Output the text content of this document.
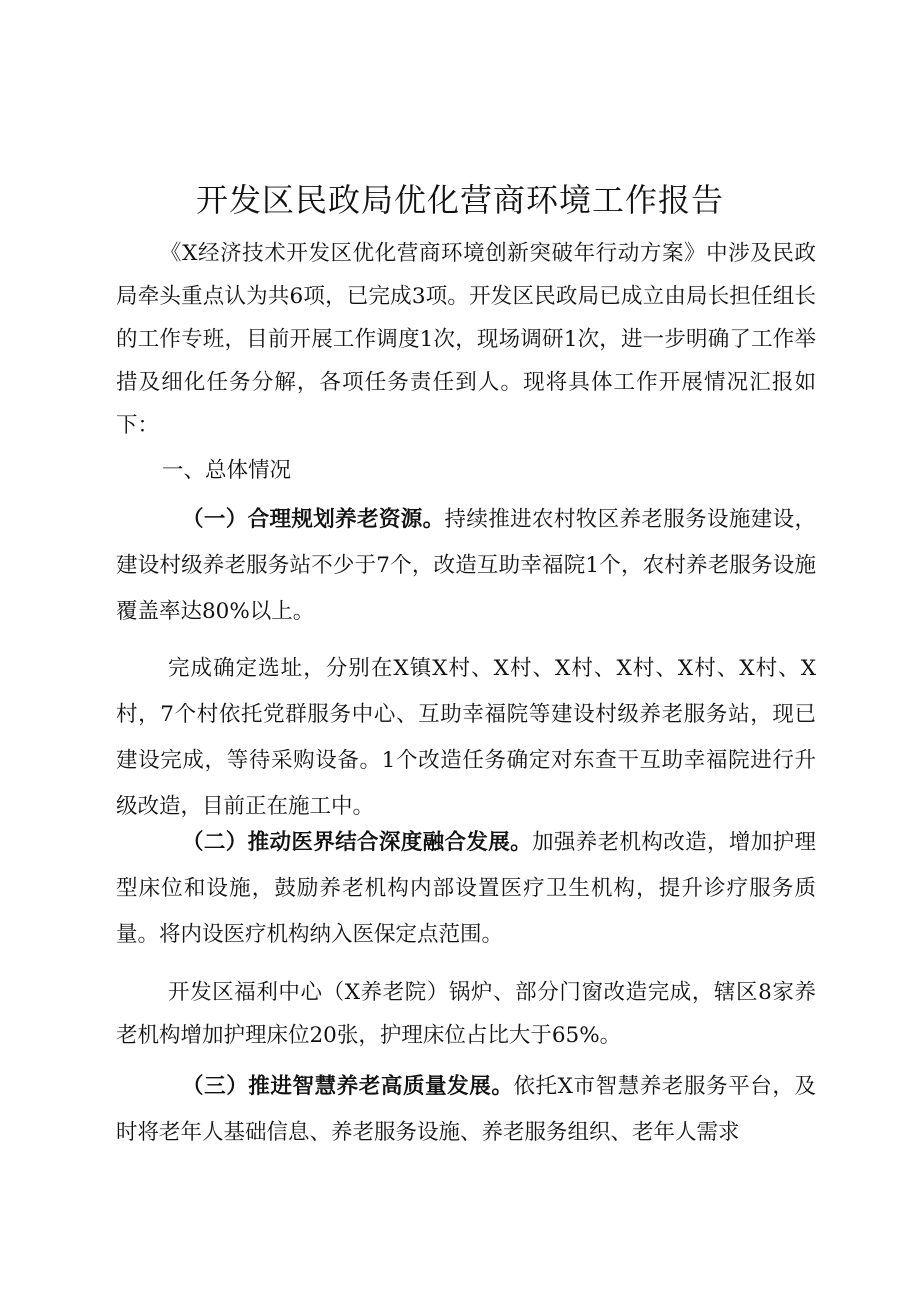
开发区民政局优化营商环境工作报告

《X经济技术开发区优化营商环境创新突破年行动方案》中涉及民政局牵头重点认为共6项，已完成3项。开发区民政局已成立由局长担任组长的工作专班，目前开展工作调度1次，现场调研1次，进一步明确了工作举措及细化任务分解，各项任务责任到人。现将具体工作开展情况汇报如下：

一、总体情况

（一）合理规划养老资源。持续推进农村牧区养老服务设施建设，建设村级养老服务站不少于7个，改造互助幸福院1个，农村养老服务设施覆盖率达80%以上。

完成确定选址，分别在X镇X村、X村、X村、X村、X村、X村、X村，7个村依托党群服务中心、互助幸福院等建设村级养老服务站，现已建设完成，等待采购设备。1个改造任务确定对东查干互助幸福院进行升级改造，目前正在施工中。

（二）推动医界结合深度融合发展。加强养老机构改造，增加护理型床位和设施，鼓励养老机构内部设置医疗卫生机构，提升诊疗服务质量。将内设医疗机构纳入医保定点范围。

开发区福利中心（X养老院）锅炉、部分门窗改造完成，辖区8家养老机构增加护理床位20张，护理床位占比大于65%。

（三）推进智慧养老高质量发展。依托X市智慧养老服务平台，及时将老年人基础信息、养老服务设施、养老服务组织、老年人需求
